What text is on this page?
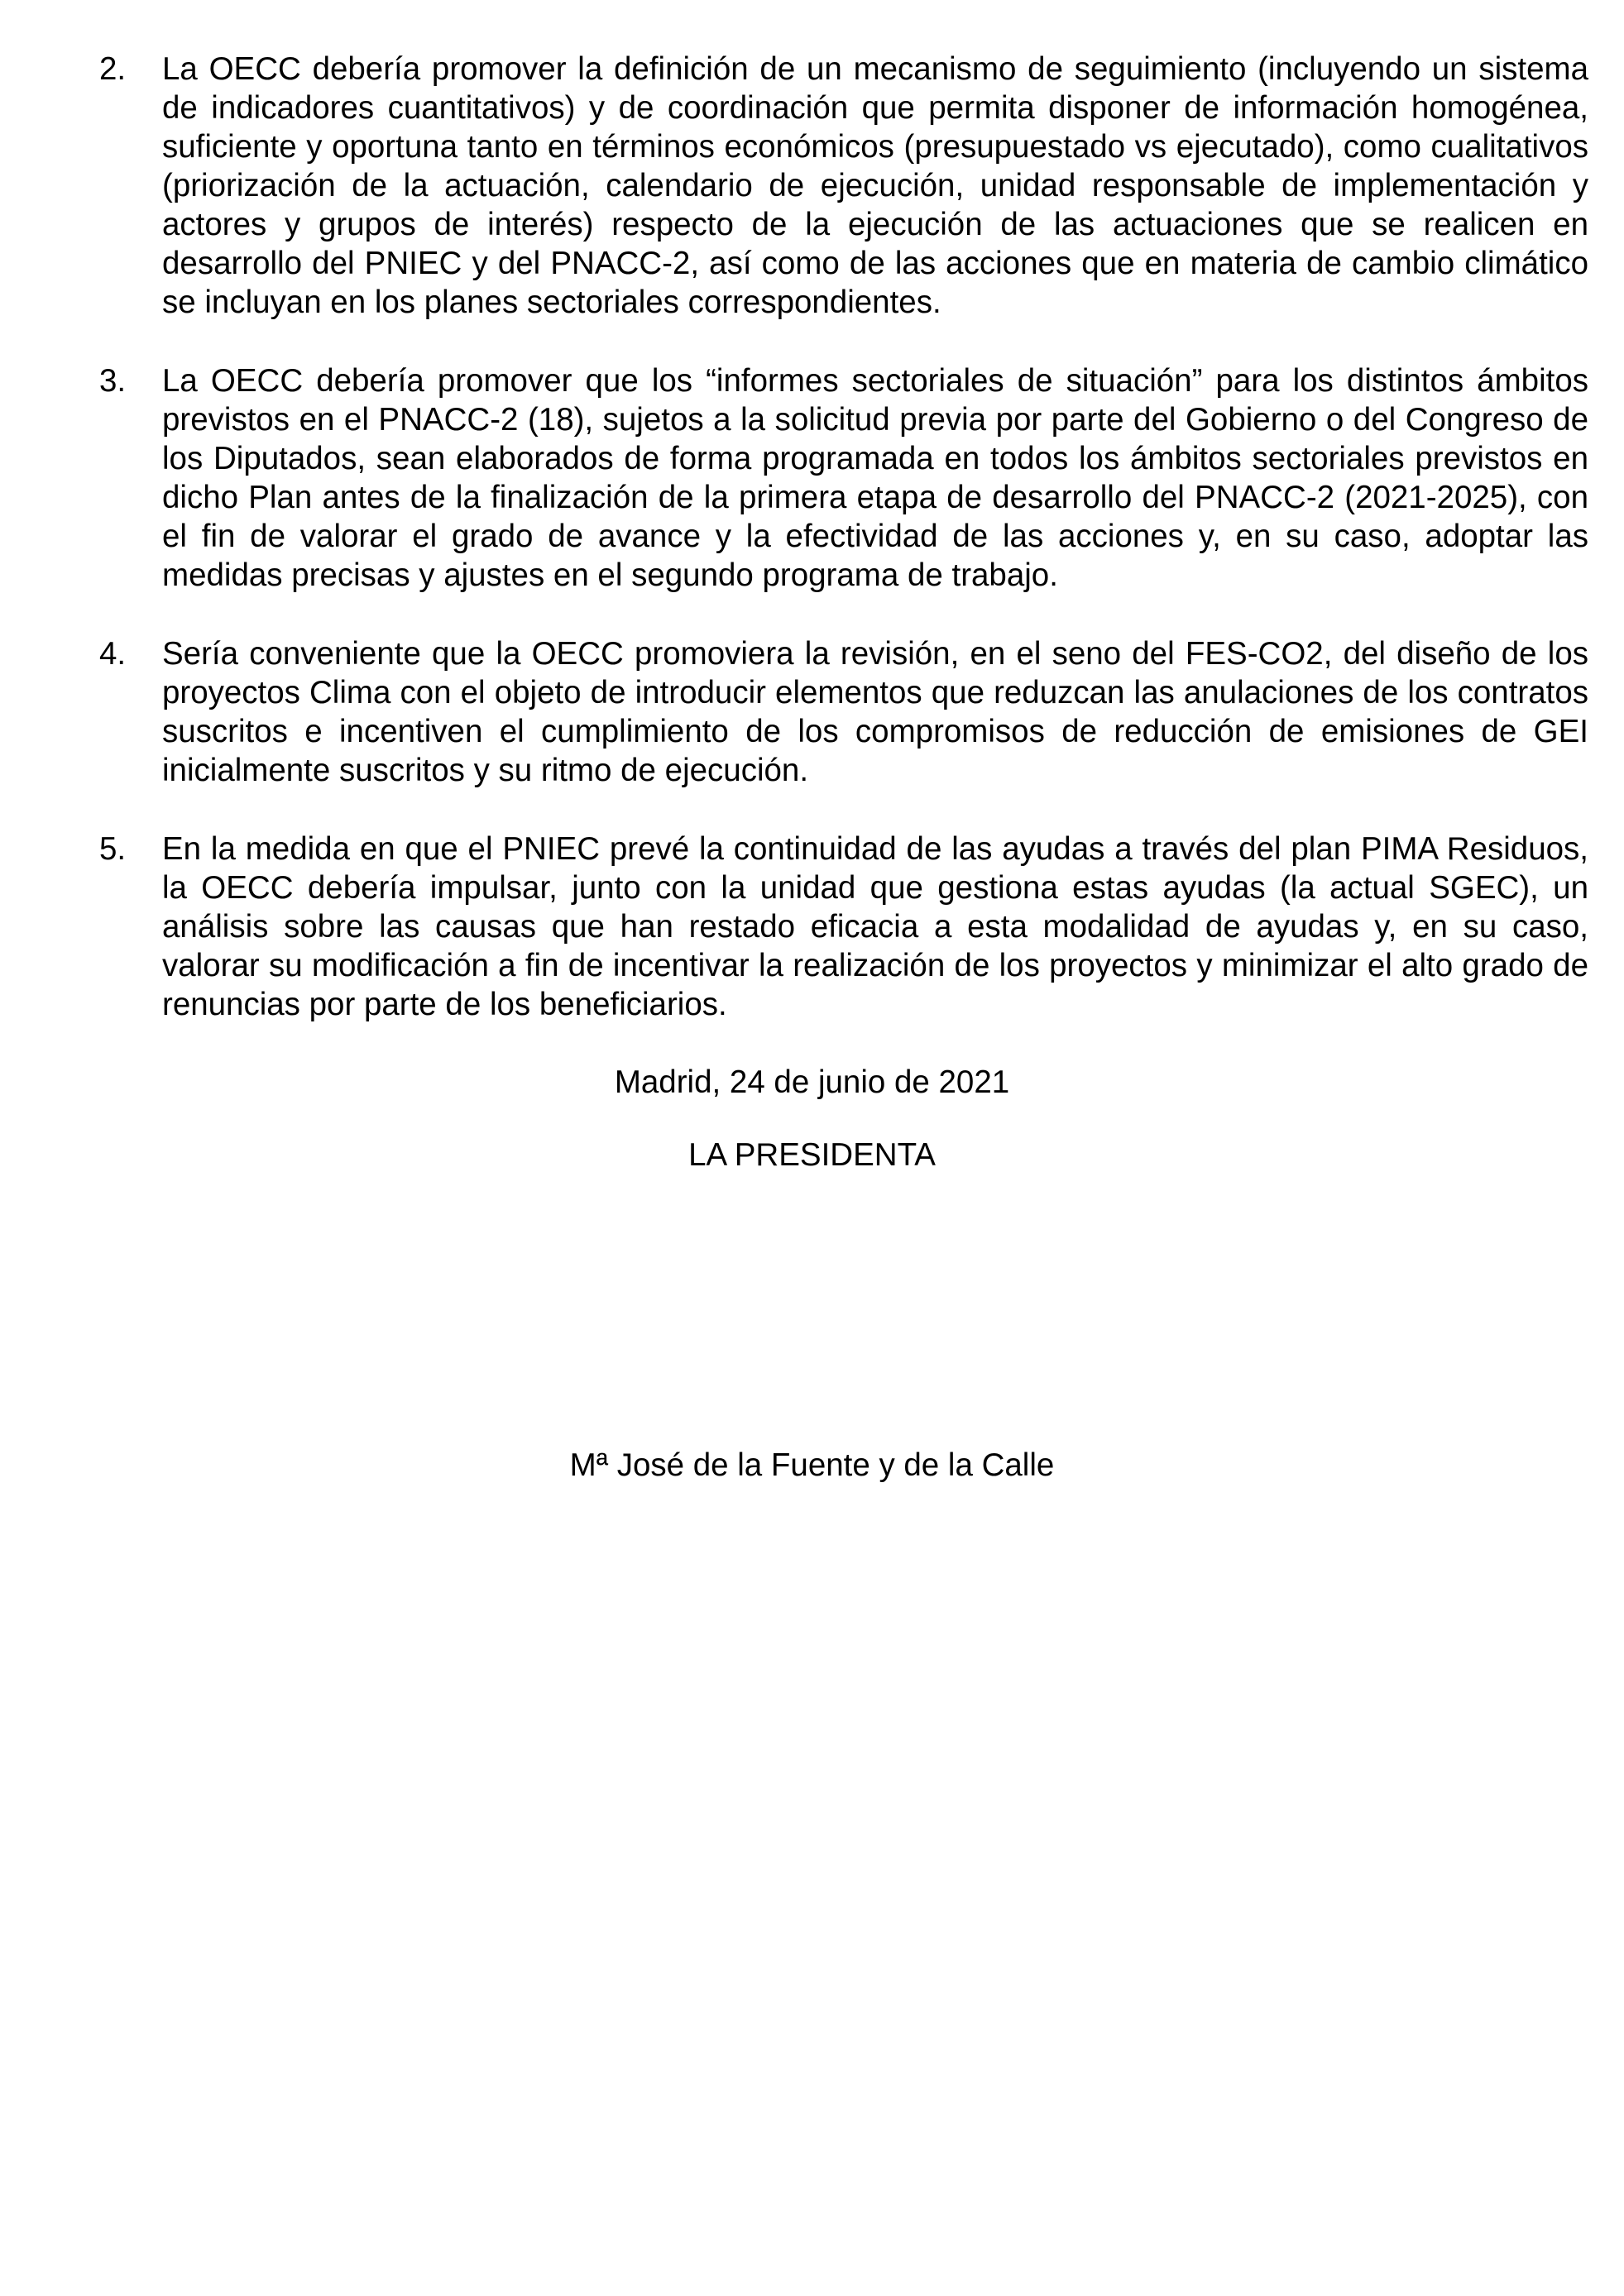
2.	La OECC debería promover la definición de un mecanismo de seguimiento (incluyendo un sistema de indicadores cuantitativos) y de coordinación que permita disponer de información homogénea, suficiente y oportuna tanto en términos económicos (presupuestado vs ejecutado), como cualitativos (priorización de la actuación, calendario de ejecución, unidad responsable de implementación y actores y grupos de interés) respecto de la ejecución de las actuaciones que se realicen en desarrollo del PNIEC y del PNACC-2, así como de las acciones que en materia de cambio climático se incluyan en los planes sectoriales correspondientes.
3.	La OECC debería promover que los “informes sectoriales de situación” para los distintos ámbitos previstos en el PNACC-2 (18), sujetos a la solicitud previa por parte del Gobierno o del Congreso de los Diputados, sean elaborados de forma programada en todos los ámbitos sectoriales previstos en dicho Plan antes de la finalización de la primera etapa de desarrollo del PNACC-2 (2021-2025), con el fin de valorar el grado de avance y la efectividad de las acciones y, en su caso, adoptar las medidas precisas y ajustes en el segundo programa de trabajo.
4.	Sería conveniente que la OECC promoviera la revisión, en el seno del FES-CO2, del diseño de los proyectos Clima con el objeto de introducir elementos que reduzcan las anulaciones de los contratos suscritos e incentiven el cumplimiento de los compromisos de reducción de emisiones de GEI inicialmente suscritos y su ritmo de ejecución.
5.	En la medida en que el PNIEC prevé la continuidad de las ayudas a través del plan PIMA Residuos, la OECC debería impulsar, junto con la unidad que gestiona estas ayudas (la actual SGEC), un análisis sobre las causas que han restado eficacia a esta modalidad de ayudas y, en su caso, valorar su modificación a fin de incentivar la realización de los proyectos y minimizar el alto grado de renuncias por parte de los beneficiarios.
Madrid, 24 de junio de 2021
LA PRESIDENTA
Mª José de la Fuente y de la Calle
